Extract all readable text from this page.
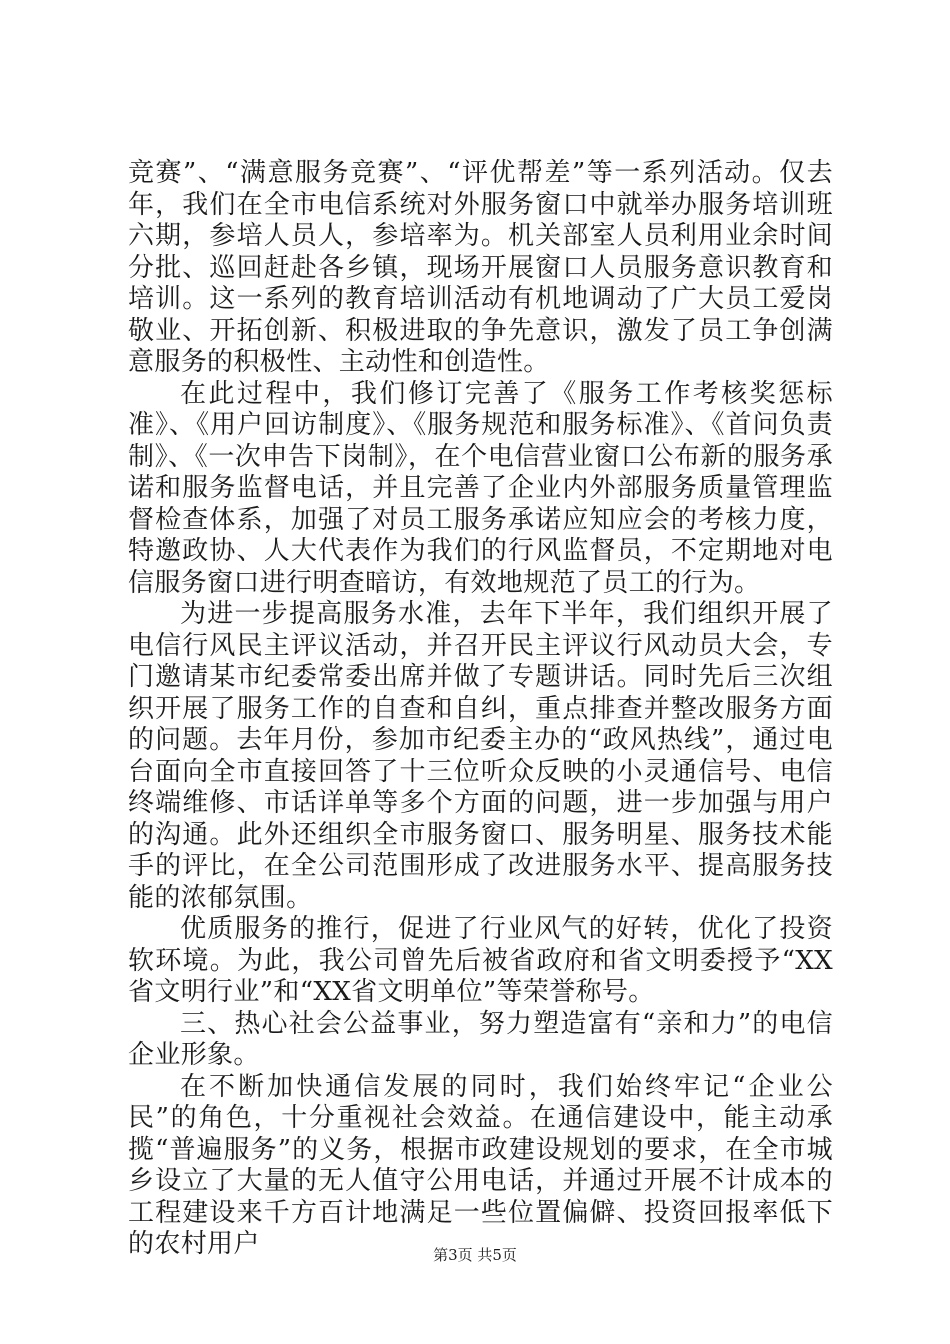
竞赛”、“满意服务竞赛”、“评优帮差”等一系列活动。仅去年，我们在全市电信系统对外服务窗口中就举办服务培训班六期，参培人员人，参培率为。机关部室人员利用业余时间分批、巡回赶赴各乡镇，现场开展窗口人员服务意识教育和培训。这一系列的教育培训活动有机地调动了广大员工爱岗敬业、开拓创新、积极进取的争先意识，激发了员工争创满意服务的积极性、主动性和创造性。

在此过程中，我们修订完善了《服务工作考核奖惩标准》、《用户回访制度》、《服务规范和服务标准》、《首问负责制》、《一次申告下岗制》，在个电信营业窗口公布新的服务承诺和服务监督电话，并且完善了企业内外部服务质量管理监督检查体系，加强了对员工服务承诺应知应会的考核力度，特邀政协、人大代表作为我们的行风监督员，不定期地对电信服务窗口进行明查暗访，有效地规范了员工的行为。

为进一步提高服务水准，去年下半年，我们组织开展了电信行风民主评议活动，并召开民主评议行风动员大会，专门邀请某市纪委常委出席并做了专题讲话。同时先后三次组织开展了服务工作的自查和自纠，重点排查并整改服务方面的问题。去年月份，参加市纪委主办的“政风热线”，通过电台面向全市直接回答了十三位听众反映的小灵通信号、电信终端维修、市话详单等多个方面的问题，进一步加强与用户的沟通。此外还组织全市服务窗口、服务明星、服务技术能手的评比，在全公司范围形成了改进服务水平、提高服务技能的浓郁氛围。

优质服务的推行，促进了行业风气的好转，优化了投资软环境。为此，我公司曾先后被省政府和省文明委授予“XX省文明行业”和“XX省文明单位”等荣誉称号。

三、热心社会公益事业，努力塑造富有“亲和力”的电信企业形象。

在不断加快通信发展的同时，我们始终牢记“企业公民”的角色，十分重视社会效益。在通信建设中，能主动承揽“普遍服务”的义务，根据市政建设规划的要求，在全市城乡设立了大量的无人值守公用电话，并通过开展不计成本的工程建设来千方百计地满足一些位置偏僻、投资回报率低下的农村用户	第3页 共5页
